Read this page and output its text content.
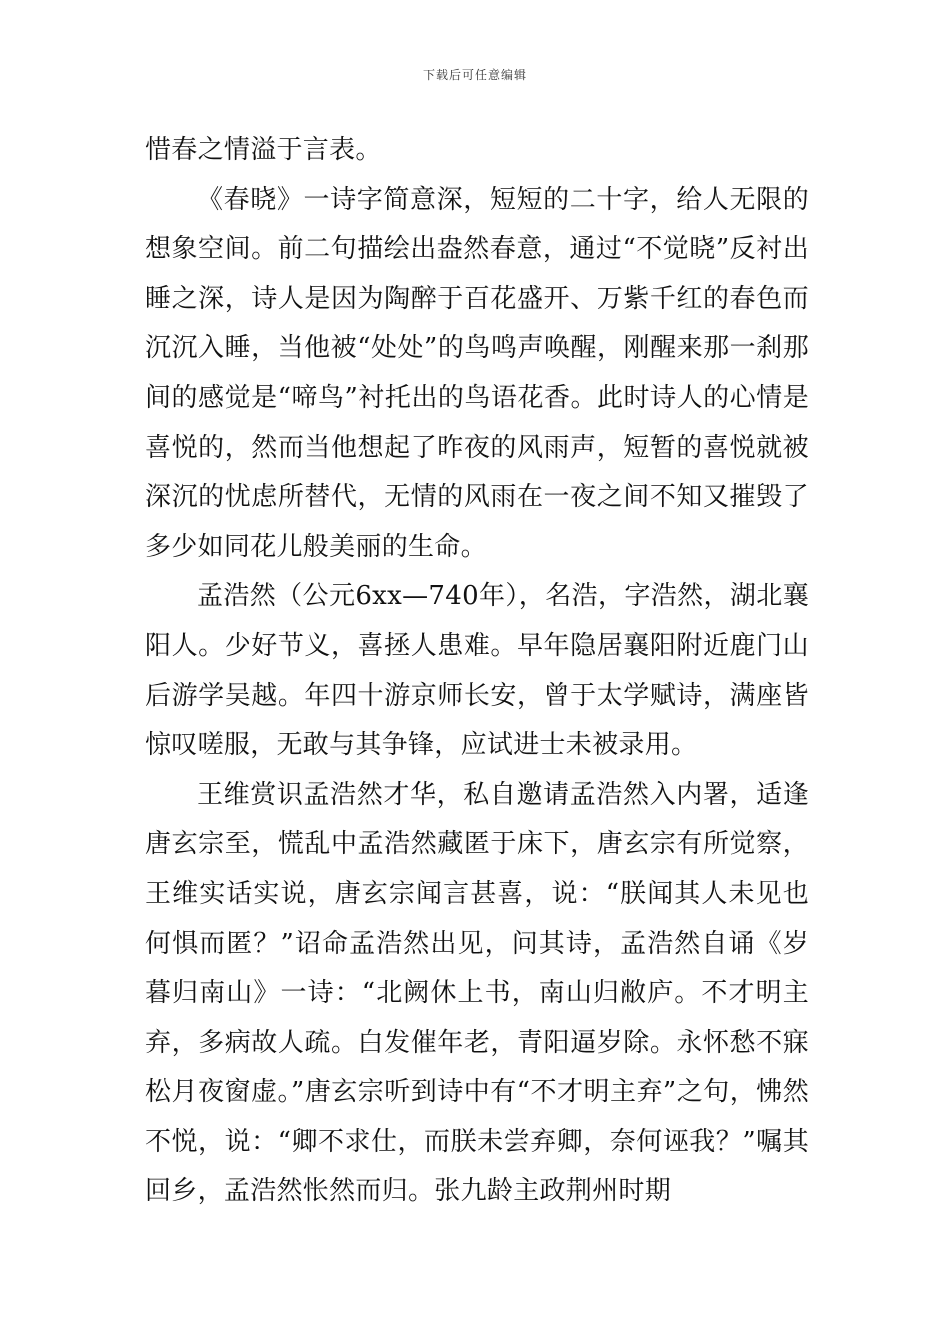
下载后可任意编辑

惜春之情溢于言表。

《春晓》一诗字简意深，短短的二十字，给人无限的想象空间。前二句描绘出盎然春意，通过“不觉晓”反衬出睡之深，诗人是因为陶醉于百花盛开、万紫千红的春色而沉沉入睡，当他被“处处”的鸟鸣声唤醒，刚醒来那一刹那间的感觉是“啼鸟”衬托出的鸟语花香。此时诗人的心情是喜悦的，然而当他想起了昨夜的风雨声，短暂的喜悦就被深沉的忧虑所替代，无情的风雨在一夜之间不知又摧毁了多少如同花儿般美丽的生命。

孟浩然（公元6xx—740年），名浩，字浩然，湖北襄阳人。少好节义，喜拯人患难。早年隐居襄阳附近鹿门山后游学吴越。年四十游京师长安，曾于太学赋诗，满座皆惊叹嗟服，无敢与其争锋，应试进士未被录用。

王维赏识孟浩然才华，私自邀请孟浩然入内署，适逢唐玄宗至，慌乱中孟浩然藏匿于床下，唐玄宗有所觉察，王维实话实说，唐玄宗闻言甚喜，说：“朕闻其人未见也何惧而匿？”诏命孟浩然出见，问其诗，孟浩然自诵《岁暮归南山》一诗：“北阙休上书，南山归敝庐。不才明主弃，多病故人疏。白发催年老，青阳逼岁除。永怀愁不寐松月夜窗虚。”唐玄宗听到诗中有“不才明主弃”之句，怫然不悦，说：“卿不求仕，而朕未尝弃卿，奈何诬我？”嘱其回乡，孟浩然怅然而归。张九龄主政荆州时期
